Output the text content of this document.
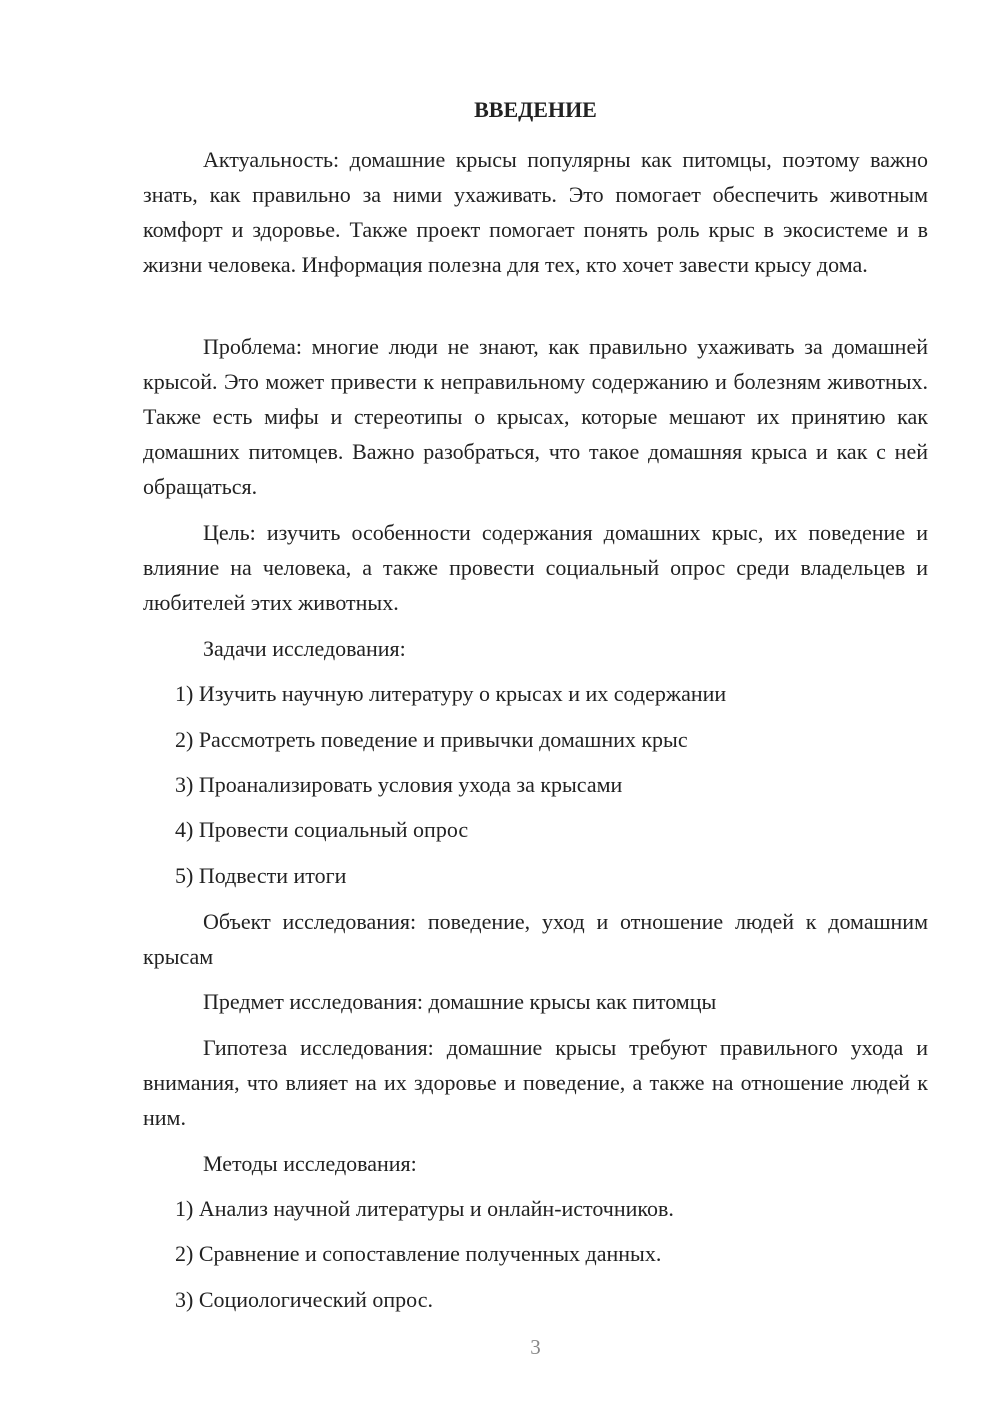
ВВЕДЕНИЕ

Актуальность: домашние крысы популярны как питомцы, поэтому важно знать, как правильно за ними ухаживать. Это помогает обеспечить животным комфорт и здоровье. Также проект помогает понять роль крыс в экосистеме и в жизни человека. Информация полезна для тех, кто хочет завести крысу дома.

Проблема: многие люди не знают, как правильно ухаживать за домашней крысой. Это может привести к неправильному содержанию и болезням животных. Также есть мифы и стереотипы о крысах, которые мешают их принятию как домашних питомцев. Важно разобраться, что такое домашняя крыса и как с ней обращаться.

Цель: изучить особенности содержания домашних крыс, их поведение и влияние на человека, а также провести социальный опрос среди владельцев и любителей этих животных.

Задачи исследования:

1) Изучить научную литературу о крысах и их содержании

2) Рассмотреть поведение и привычки домашних крыс

3) Проанализировать условия ухода за крысами

4) Провести социальный опрос

5) Подвести итоги

Объект исследования: поведение, уход и отношение людей к домашним крысам

Предмет исследования: домашние крысы как питомцы

Гипотеза исследования: домашние крысы требуют правильного ухода и внимания, что влияет на их здоровье и поведение, а также на отношение людей к ним.

Методы исследования:

1) Анализ научной литературы и онлайн-источников.

2) Сравнение и сопоставление полученных данных.

3) Социологический опрос.

3
